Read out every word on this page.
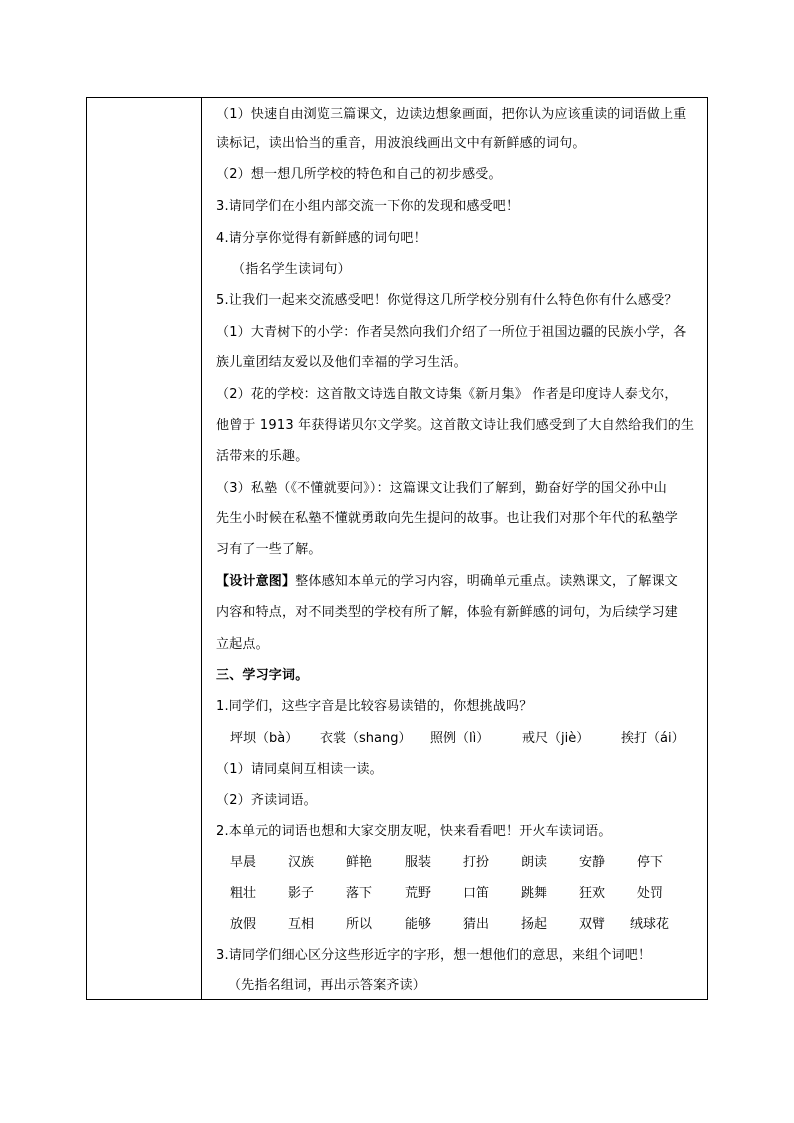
（1）快速自由浏览三篇课文，边读边想象画面，把你认为应该重读的词语做上重
读标记，读出恰当的重音，用波浪线画出文中有新鲜感的词句。
（2）想一想几所学校的特色和自己的初步感受。
3.请同学们在小组内部交流一下你的发现和感受吧！
4.请分享你觉得有新鲜感的词句吧！
（指名学生读词句）
5.让我们一起来交流感受吧！你觉得这几所学校分别有什么特色你有什么感受？
（1）大青树下的小学：作者吴然向我们介绍了一所位于祖国边疆的民族小学，各
族儿童团结友爱以及他们幸福的学习生活。
（2）花的学校：这首散文诗选自散文诗集《新月集》 作者是印度诗人泰戈尔，
他曾于 1913 年获得诺贝尔文学奖。这首散文诗让我们感受到了大自然给我们的生
活带来的乐趣。
（3）私塾（《不懂就要问》）：这篇课文让我们了解到，勤奋好学的国父孙中山
先生小时候在私塾不懂就勇敢向先生提问的故事。也让我们对那个年代的私塾学
习有了一些了解。
【设计意图】整体感知本单元的学习内容，明确单元重点。读熟课文，了解课文
内容和特点，对不同类型的学校有所了解，体验有新鲜感的词句，为后续学习建
立起点。
三、学习字词。
1.同学们，这些字音是比较容易读错的，你想挑战吗？
坪坝（bà） 衣裳（shang） 照例（lì）	戒尺（jiè） 挨打（ái）
（1）请同桌间互相读一读。
（2）齐读词语。
2.本单元的词语也想和大家交朋友呢，快来看看吧！开火车读词语。
早晨 汉族 鲜艳	服装 打扮 朗读 安静 停下
粗壮 影子 落下	荒野 口笛 跳舞 狂欢 处罚
放假 互相 所以	能够 猜出 扬起 双臂 绒球花
3.请同学们细心区分这些形近字的字形，想一想他们的意思，来组个词吧！
（先指名组词，再出示答案齐读）
